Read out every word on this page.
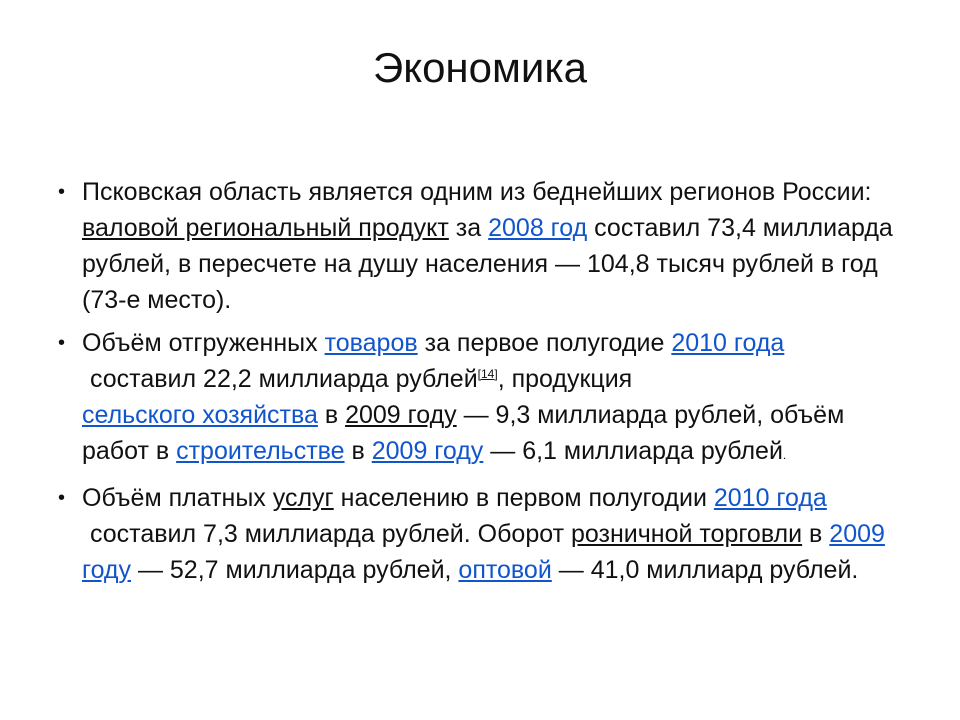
Экономика
• Псковская область является одним из беднейших регионов России: валовой региональный продукт за 2008 год составил 73,4 миллиарда рублей, в пересчете на душу населения — 104,8 тысяч рублей в год (73-е место).
• Объём отгруженных товаров за первое полугодие 2010 года
составил 22,2 миллиарда рублей[14], продукция
сельского хозяйства в 2009 году — 9,3 миллиарда рублей, объём работ в строительстве в 2009 году — 6,1 миллиарда рублей.
• Объём платных услуг населению в первом полугодии 2010 года
составил 7,3 миллиарда рублей. Оборот розничной торговли в 2009 году — 52,7 миллиарда рублей, оптовой — 41,0 миллиард рублей.
